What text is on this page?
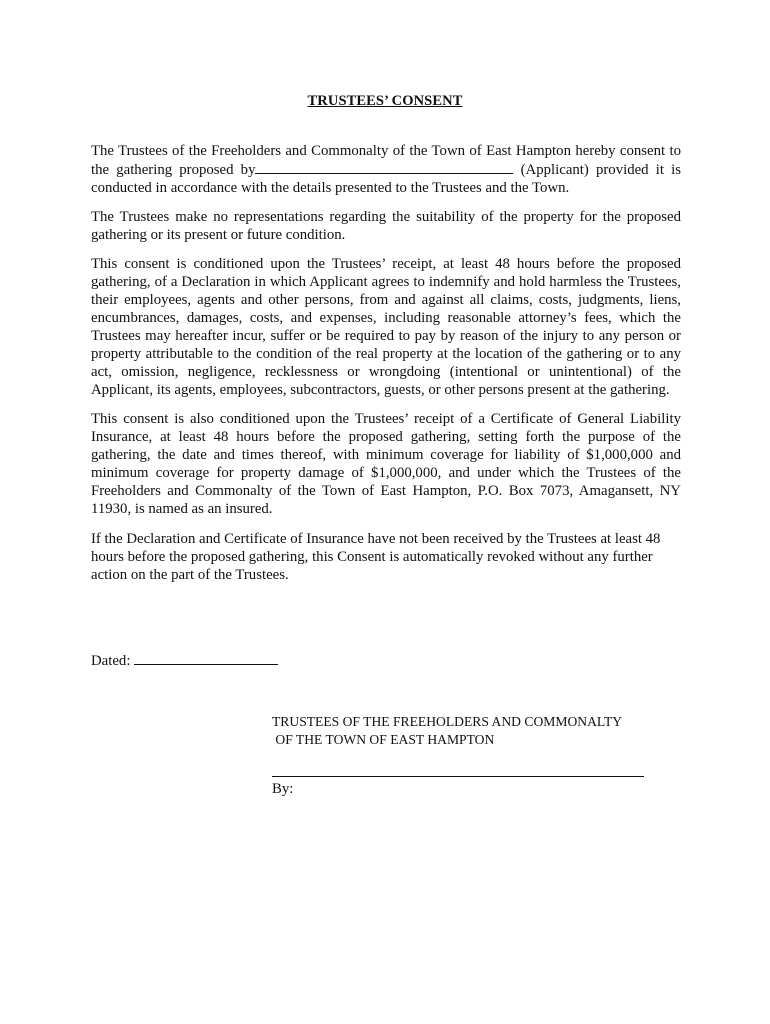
TRUSTEES’ CONSENT

The Trustees of the Freeholders and Commonalty of the Town of East Hampton hereby consent to the gathering proposed by	(Applicant) provided it is conducted in accordance with the details presented to the Trustees and the Town.

The Trustees make no representations regarding the suitability of the property for the proposed gathering or its present or future condition.

This consent is conditioned upon the Trustees’ receipt, at least 48 hours before the proposed gathering, of a Declaration in which Applicant agrees to indemnify and hold harmless the Trustees, their employees, agents and other persons, from and against all claims, costs, judgments, liens, encumbrances, damages, costs, and expenses, including reasonable attorney’s fees, which the Trustees may hereafter incur, suffer or be required to pay by reason of the injury to any person or property attributable to the condition of the real property at the location of the gathering or to any act, omission, negligence, recklessness or wrongdoing (intentional or unintentional) of the Applicant, its agents, employees, subcontractors, guests, or other persons present at the gathering.

This consent is also conditioned upon the Trustees’ receipt of a Certificate of General Liability Insurance, at least 48 hours before the proposed gathering, setting forth the purpose of the gathering, the date and times thereof, with minimum coverage for liability of $1,000,000 and minimum coverage for property damage of $1,000,000, and under which the Trustees of the Freeholders and Commonalty of the Town of East Hampton, P.O. Box 7073, Amagansett, NY 11930, is named as an insured.

If the Declaration and Certificate of Insurance have not been received by the Trustees at least 48 hours before the proposed gathering, this Consent is automatically revoked without any further action on the part of the Trustees.

Dated:
TRUSTEES OF THE FREEHOLDERS AND COMMONALTY
OF THE TOWN OF EAST HAMPTON
By:
